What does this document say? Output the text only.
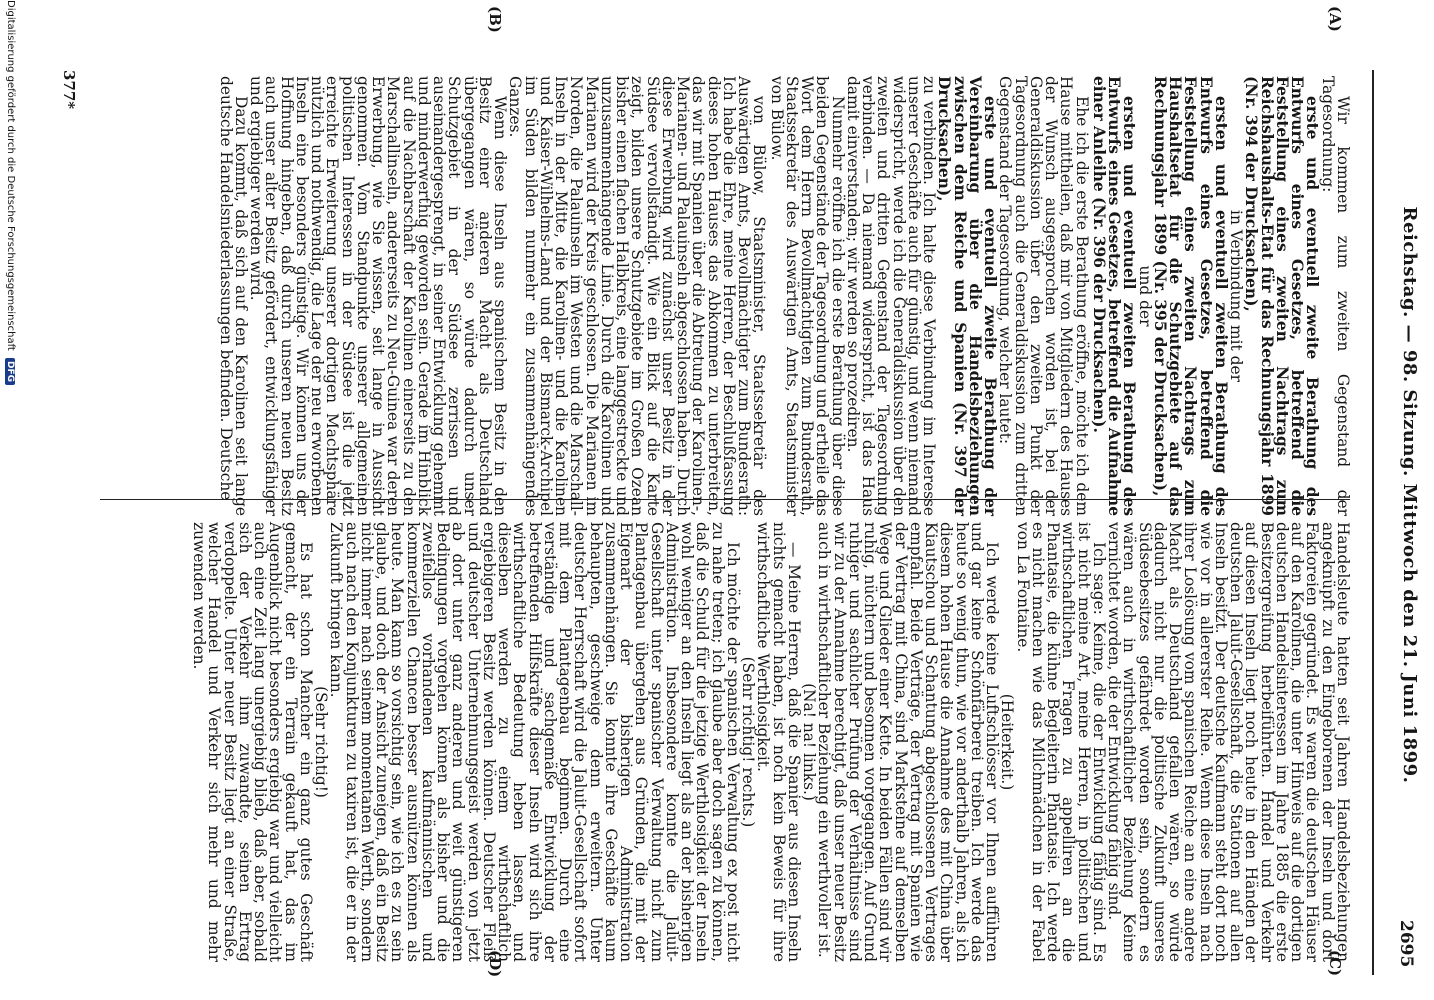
Reichstag. — 98. Sitzung. Mittwoch den 21. Juni 1899.
2695
(A)
(B)
(C)
(D)

Wir kommen zum zweiten Gegenstand der Tagesordnung:

erste und eventuell zweite Berathung des Entwurfs eines Gesetzes, betreffend die Feststellung eines zweiten Nachtrags zum Reichshaushalts-Etat für das Rechnungsjahr 1899 (Nr. 394 der Drucksachen),

in Verbindung mit der

ersten und eventuell zweiten Berathung des Entwurfs eines Gesetzes, betreffend die Feststellung eines zweiten Nachtrags zum Haushaltsetat für die Schutzgebiete auf das Rechnungsjahr 1899 (Nr. 395 der Drucksachen),

und der

ersten und eventuell zweiten Berathung des Entwurfs eines Gesetzes, betreffend die Aufnahme einer Anleihe (Nr. 396 der Drucksachen).

Ehe ich die erste Berathung eröffne, möchte ich dem Hause mittheilen, daß mir von Mitgliedern des Hauses der Wunsch ausgesprochen worden ist, bei der Generaldiskussion über den zweiten Punkt der Tagesordnung auch die Generaldiskussion zum dritten Gegenstand der Tagesordnung, welcher lautet:

erste und eventuell zweite Berathung der Vereinbarung über die Handelsbeziehungen zwischen dem Reiche und Spanien (Nr. 397 der Drucksachen),

zu verbinden. Ich halte diese Verbindung im Interesse unserer Geschäfte auch für günstig, und wenn niemand widerspricht, werde ich die Generaldiskussion über den zweiten und dritten Gegenstand der Tagesordnung verbinden. — Da niemand widerspricht, ist das Haus damit einverstanden; wir werden so prozediren.

Nunmehr eröffne ich die erste Berathung über diese beiden Gegenstände der Tagesordnung und ertheile das Wort dem Herrn Bevollmächtigten zum Bundesrath, Staatssekretär des Auswärtigen Amts, Staatsminister von Bülow.

von Bülow, Staatsminister, Staatssekretär des Auswärtigen Amts, Bevollmächtigter zum Bundesrath: Ich habe die Ehre, meine Herren, der Beschlußfassung dieses hohen Hauses das Abkommen zu unterbreiten, das wir mit Spanien über die Abtretung der Karolinen-, Marianen- und Palauinseln abgeschlossen haben. Durch diese Erwerbung wird zunächst unser Besitz in der Südsee vervollständigt. Wie ein Blick auf die Karte zeigt, bilden unsere Schutzgebiete im Großen Ozean bisher einen flachen Halbkreis, eine langgestreckte und unzusammenhängende Linie. Durch die Karolinen und Marianen wird der Kreis geschlossen. Die Marianen im Norden, die Palauinseln im Westen und die Marschall-Inseln in der Mitte, die Karolinen- und die Karolinen und Kaiser-Wilhelms-Land und der Bismarck-Archipel im Süden bilden nunmehr ein zusammenhängendes Ganzes.

Wenn diese Inseln aus spanischem Besitz in den Besitz einer anderen Macht als Deutschland übergegangen wären, so würde dadurch unser Schutzgebiet in der Südsee zerrissen und auseinandergesprengt, in seiner Entwicklung gehemmt und minderwerthig geworden sein. Gerade im Hinblick auf die Nachbarschaft der Karolinen einerseits zu den Marschallinseln, andererseits zu Neu-Guinea war deren Erwerbung, wie Sie wissen, seit lange in Aussicht genommen. Vom Standpunkte unserer allgemeinen politischen Interessen in der Südsee ist die jetzt erreichte Erweiterung unserer dortigen Machtsphäre nützlich und nothwendig, die Lage der neu erworbenen Inseln eine besonders günstige. Wir können uns der Hoffnung hingeben, daß durch unseren neuen Besitz auch unser alter Besitz gefördert, entwicklungsfähiger und ergiebiger werden wird.

Dazu kommt, daß sich auf den Karolinen seit lange deutsche Handelsniederlassungen befinden. Deutsche

Handelsleute hatten seit Jahren Handelsbeziehungen angeknüpft zu den Eingeborenen der Inseln und dort Faktoreien gegründet. Es waren die deutschen Häuser auf den Karolinen, die unter Hinweis auf die dortigen deutschen Handelsinteressen im Jahre 1885 die erste Besitzergreifung herbeiführten. Handel und Verkehr auf diesen Inseln liegt noch heute in den Händen der deutschen Jaluit-Gesellschaft, die Stationen auf allen Inseln besitzt. Der deutsche Kaufmann steht dort noch wie vor in allererster Reihe. Wenn diese Inseln nach ihrer Loslösung vom spanischen Reiche an eine andere Macht als Deutschland gefallen wären, so würde dadurch nicht nur die politische Zukunft unseres Südseebesitzes gefährdet worden sein, sondern es wären auch in wirthschaftlicher Beziehung Keime vernichtet worden, die der Entwicklung fähig sind.

Ich sage: Keime, die der Entwicklung fähig sind. Es ist nicht meine Art, meine Herren, in politischen und wirthschaftlichen Fragen zu appelliren an die Phantasie, die kühne Begleiterin Phantasie. Ich werde es nicht machen wie das Milchmädchen in der Fabel von La Fontaine.

(Heiterkeit.)

Ich werde keine Luftschlösser vor Ihnen aufführen und gar keine Schönfärberei treiben. Ich werde das heute so wenig thun, wie vor anderthalb Jahren, als ich diesem hohen Hause die Annahme des mit China über Kiautschou und Schantung abgeschlossenen Vertrages empfahl. Beide Verträge, der Vertrag mit Spanien wie der Vertrag mit China, sind Marksteine auf demselben Wege und Glieder einer Kette. In beiden Fällen sind wir ruhig, nüchtern und besonnen vorgegangen. Auf Grund ruhiger und sachlicher Prüfung der Verhältnisse sind wir zu der Annahme berechtigt, daß unser neuer Besitz auch in wirthschaftlicher Beziehung ein werthvoller ist.

(Na! na! links.)

— Meine Herren, daß die Spanier aus diesen Inseln nichts gemacht haben, ist noch kein Beweis für ihre wirthschaftliche Werthlosigkeit.

(Sehr richtig! rechts.)

Ich möchte der spanischen Verwaltung ex post nicht zu nahe treten; ich glaube aber doch sagen zu können, daß die Schuld für die jetzige Werthlosigkeit der Inseln wohl weniger an den Inseln liegt als an der bisherigen Administration. Insbesondere konnte die Jaluit-Gesellschaft unter spanischer Verwaltung nicht zum Plantagenbau übergehen aus Gründen, die mit der Eigenart der bisherigen Administration zusammenhängen. Sie konnte ihre Geschäfte kaum behaupten, geschweige denn erweitern. Unter deutscher Herrschaft wird die Jaluit-Gesellschaft sofort mit dem Plantagenbau beginnen. Durch eine verständige und sachgemäße Entwicklung der betreffenden Hilfskräfte dieser Inseln wird sich ihre wirthschaftliche Bedeutung heben lassen, und dieselben werden zu einem wirthschaftlich ergiebigeren Besitz werden können. Deutscher Fleiß und deutscher Unternehmungsgeist werden von jetzt ab dort unter ganz anderen und weit günstigeren Bedingungen vorgehen können als bisher und die zweifellos vorhandenen kaufmännischen und kommerziellen Chancen besser ausnützen können als heute. Man kann so vorsichtig sein, wie ich es zu sein glaube, und doch der Ansicht zuneigen, daß ein Besitz nicht immer nach seinem momentanen Werth, sondern auch nach den Konjunkturen zu taxiren ist, die er in der Zukunft bringen kann.

(Sehr richtig!)

Es hat schon Mancher ein ganz gutes Geschäft gemacht, der ein Terrain gekauft hat, das im Augenblick nicht besonders ergiebig war und vielleicht auch eine Zeit lang unergiebig blieb, daß aber, sobald sich der Verkehr ihm zuwandte, seinen Ertrag verdoppelte. Unter neuer Besitz liegt an einer Straße, welcher Handel und Verkehr sich mehr und mehr zuwenden werden.

377*
Digitalisierung gefördert durch die Deutsche Forschungsgemeinschaft DFG
